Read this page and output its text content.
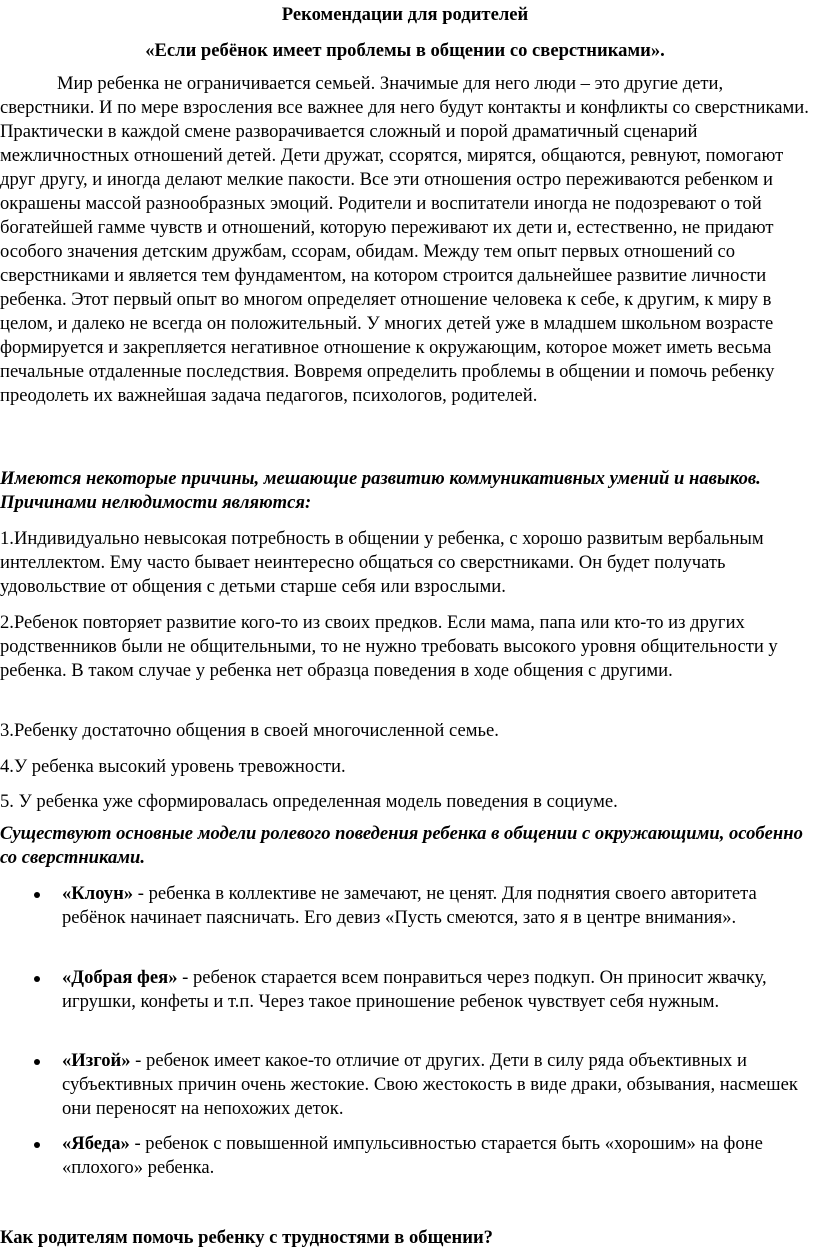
Рекомендации для родителей

«Если ребёнок имеет проблемы в общении со сверстниками».

Мир ребенка не ограничивается семьей. Значимые для него люди – это другие дети, сверстники. И по мере взросления все важнее для него будут контакты и конфликты со сверстниками. Практически в каждой смене разворачивается сложный и порой драматичный сценарий межличностных отношений детей. Дети дружат, ссорятся, мирятся, общаются, ревнуют, помогают друг другу, и иногда делают мелкие пакости. Все эти отношения остро переживаются ребенком и окрашены массой разнообразных эмоций. Родители и воспитатели иногда не подозревают о той богатейшей гамме чувств и отношений, которую переживают их дети и, естественно, не придают особого значения детским дружбам, ссорам, обидам. Между тем опыт первых отношений со сверстниками и является тем фундаментом, на котором строится дальнейшее развитие личности ребенка. Этот первый опыт во многом определяет отношение человека к себе, к другим, к миру в целом, и далеко не всегда он положительный. У многих детей уже в младшем школьном возрасте формируется и закрепляется негативное отношение к окружающим, которое может иметь весьма печальные отдаленные последствия. Вовремя определить проблемы в общении и помочь ребенку преодолеть их важнейшая задача педагогов, психологов, родителей.

Имеются некоторые причины, мешающие развитию коммуникативных умений и навыков. Причинами нелюдимости являются:

1.Индивидуально невысокая потребность в общении у ребенка, с хорошо развитым вербальным интеллектом. Ему часто бывает неинтересно общаться со сверстниками. Он будет получать удовольствие от общения с детьми старше себя или взрослыми.

2.Ребенок повторяет развитие кого-то из своих предков. Если мама, папа или кто-то из других родственников были не общительными, то не нужно требовать высокого уровня общительности у ребенка. В таком случае у ребенка нет образца поведения в ходе общения с другими.

3.Ребенку достаточно общения в своей многочисленной семье.

4.У ребенка высокий уровень тревожности.

5. У ребенка уже сформировалась определенная модель поведения в социуме.

Существуют основные модели ролевого поведения ребенка в общении с окружающими, особенно со сверстниками.

«Клоун» - ребенка в коллективе не замечают, не ценят. Для поднятия своего авторитета ребёнок начинает паясничать. Его девиз «Пусть смеются, зато я в центре внимания».
«Добрая фея» - ребенок старается всем понравиться через подкуп. Он приносит жвачку, игрушки, конфеты и т.п. Через такое приношение ребенок чувствует себя нужным.
«Изгой» - ребенок имеет какое-то отличие от других. Дети в силу ряда объективных и субъективных причин очень жестокие. Свою жестокость в виде драки, обзывания, насмешек они переносят на непохожих деток.
«Ябеда» - ребенок с повышенной импульсивностью старается быть «хорошим» на фоне «плохого» ребенка.

Как родителям помочь ребенку с трудностями в общении?
